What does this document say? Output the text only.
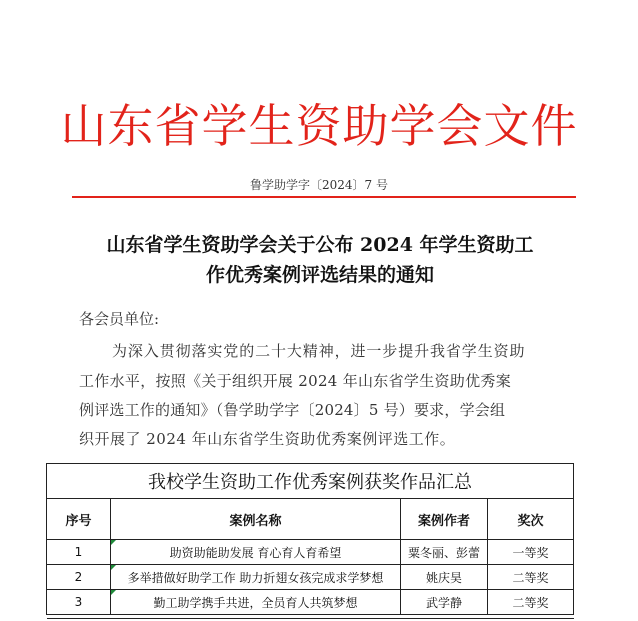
山东省学生资助学会文件
鲁学助学字〔2024〕7 号
山东省学生资助学会关于公布 2024 年学生资助工
作优秀案例评选结果的通知
各会员单位:
为深入贯彻落实党的二十大精神，进一步提升我省学生资助
工作水平，按照《关于组织开展 2024 年山东省学生资助优秀案
例评选工作的通知》（鲁学助学字〔2024〕5 号）要求，学会组
织开展了 2024 年山东省学生资助优秀案例评选工作。
我校学生资助工作优秀案例获奖作品汇总			
序号	案例名称	案例作者	奖次
1	助资助能助发展 育心育人育希望	粟冬丽、彭蕾	一等奖
2	多举措做好助学工作 助力折翅女孩完成求学梦想	姚庆昊	二等奖
3	勤工助学携手共进，全员育人共筑梦想	武学静	二等奖
